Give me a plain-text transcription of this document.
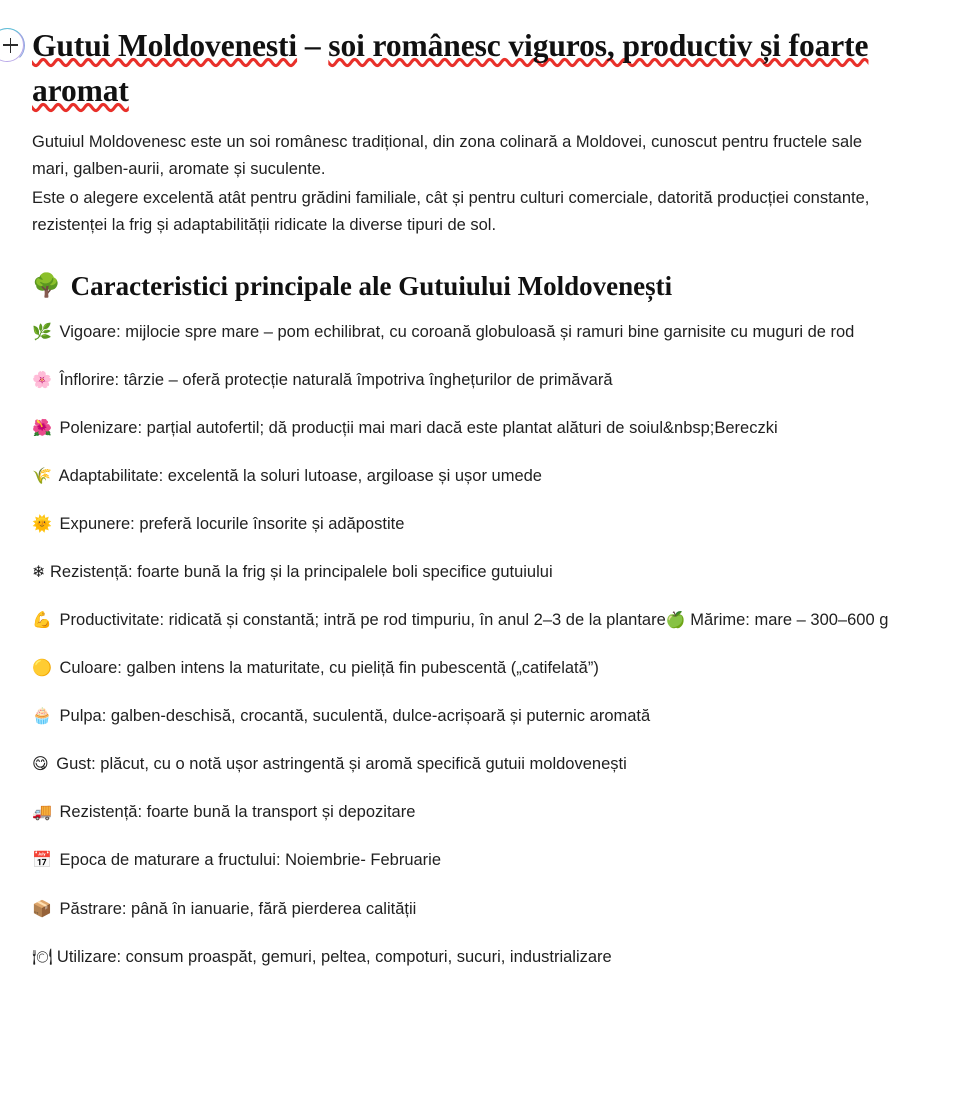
Gutui Moldovenesti – soi românesc viguros, productiv și foarte aromat

Gutuiul Moldovenesc este un soi românesc tradițional, din zona colinară a Moldovei, cunoscut pentru fructele sale mari, galben-aurii, aromate și suculente.

Este o alegere excelentă atât pentru grădini familiale, cât și pentru culturi comerciale, datorită producției constante, rezistenței la frig și adaptabilității ridicate la diverse tipuri de sol.

🌳 Caracteristici principale ale Gutuiului Moldovenești

🌿 Vigoare: mijlocie spre mare – pom echilibrat, cu coroană globuloasă și ramuri bine garnisite cu muguri de rod

🌸 Înflorire: târzie – oferă protecție naturală împotriva înghețurilor de primăvară

🌺 Polenizare: parțial autofertil; dă producții mai mari dacă este plantat alături de soiul&nbsp;Bereczki

🌾 Adaptabilitate: excelentă la soluri lutoase, argiloase și ușor umede

🌞 Expunere: preferă locurile însorite și adăpostite

❄ Rezistență: foarte bună la frig și la principalele boli specifice gutuiului

💪 Productivitate: ridicată și constantă; intră pe rod timpuriu, în anul 2–3 de la plantare🍏 Mărime: mare – 300–600 g

🟡 Culoare: galben intens la maturitate, cu pieliță fin pubescentă („catifelată”)

🧁 Pulpa: galben-deschisă, crocantă, suculentă, dulce-acrișoară și puternic aromată

😋 Gust: plăcut, cu o notă ușor astringentă și aromă specifică gutuii moldovenești

🚚 Rezistență: foarte bună la transport și depozitare

📅 Epoca de maturare a fructului: Noiembrie- Februarie

📦 Păstrare: până în ianuarie, fără pierderea calității

🍽 Utilizare: consum proaspăt, gemuri, peltea, compoturi, sucuri, industrializare
